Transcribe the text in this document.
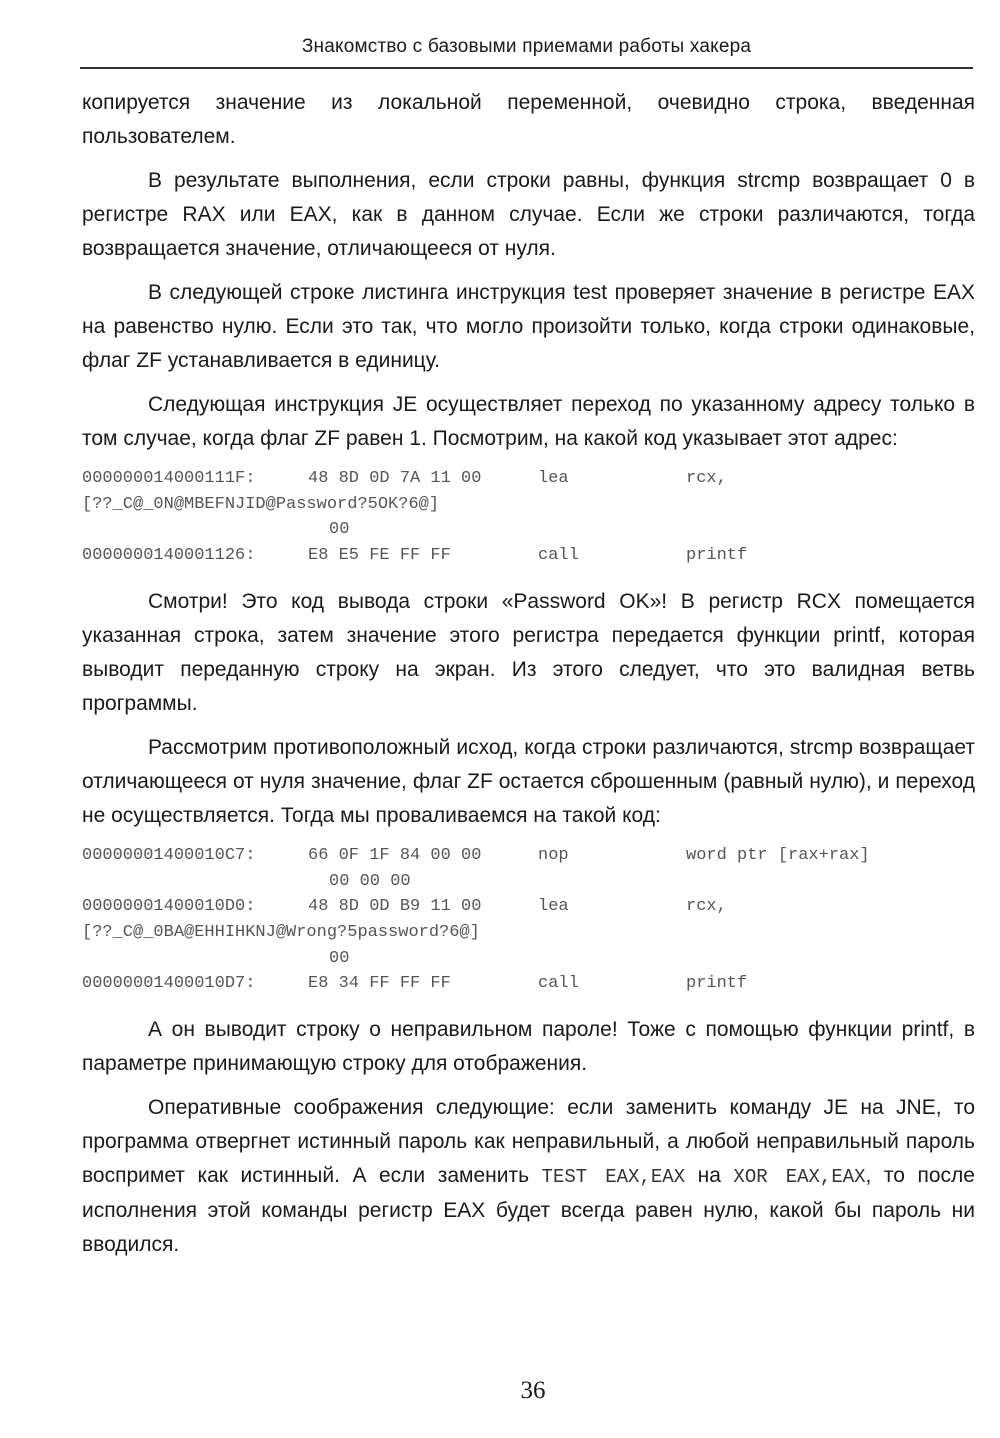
Знакомство с базовыми приемами работы хакера

копируется значение из локальной переменной, очевидно строка, введенная пользователем.

В результате выполнения, если строки равны, функция strcmp возвращает 0 в регистре RAX или EAX, как в данном случае. Если же строки различаются, тогда возвращается значение, отличающееся от нуля.

В следующей строке листинга инструкция test проверяет значение в регистре EAX на равенство нулю. Если это так, что могло произойти только, когда строки одинаковые, флаг ZF устанавливается в единицу.

Следующая инструкция JE осуществляет переход по указанному адресу только в том случае, когда флаг ZF равен 1. Посмотрим, на какой код указывает этот адрес:

000000014000111F:	48 8D 0D 7A 11 00	lea	rcx,
[??_C@_0N@MBEFNJID@Password?5OK?6@]
00
0000000140001126:	E8 E5 FE FF FF	call	printf

Смотри! Это код вывода строки «Password OK»! В регистр RCX помещается указанная строка, затем значение этого регистра передается функции printf, которая выводит переданную строку на экран. Из этого следует, что это валидная ветвь программы.

Рассмотрим противоположный исход, когда строки различаются, strcmp возвращает отличающееся от нуля значение, флаг ZF остается сброшенным (равный нулю), и переход не осуществляется. Тогда мы проваливаемся на такой код:

00000001400010C7:	66 0F 1F 84 00 00	nop	word ptr [rax+rax]
00 00 00
00000001400010D0:	48 8D 0D B9 11 00	lea	rcx,
[??_C@_0BA@EHHIHKNJ@Wrong?5password?6@]
00
00000001400010D7:	E8 34 FF FF FF	call	printf

А он выводит строку о неправильном пароле! Тоже с помощью функции printf, в параметре принимающую строку для отображения.

Оперативные соображения следующие: если заменить команду JE на JNE, то программа отвергнет истинный пароль как неправильный, а любой неправильный пароль воспримет как истинный. А если заменить TEST EAX,EAX на XOR EAX,EAX, то после исполнения этой команды регистр EAX будет всегда равен нулю, какой бы пароль ни вводился.

36
